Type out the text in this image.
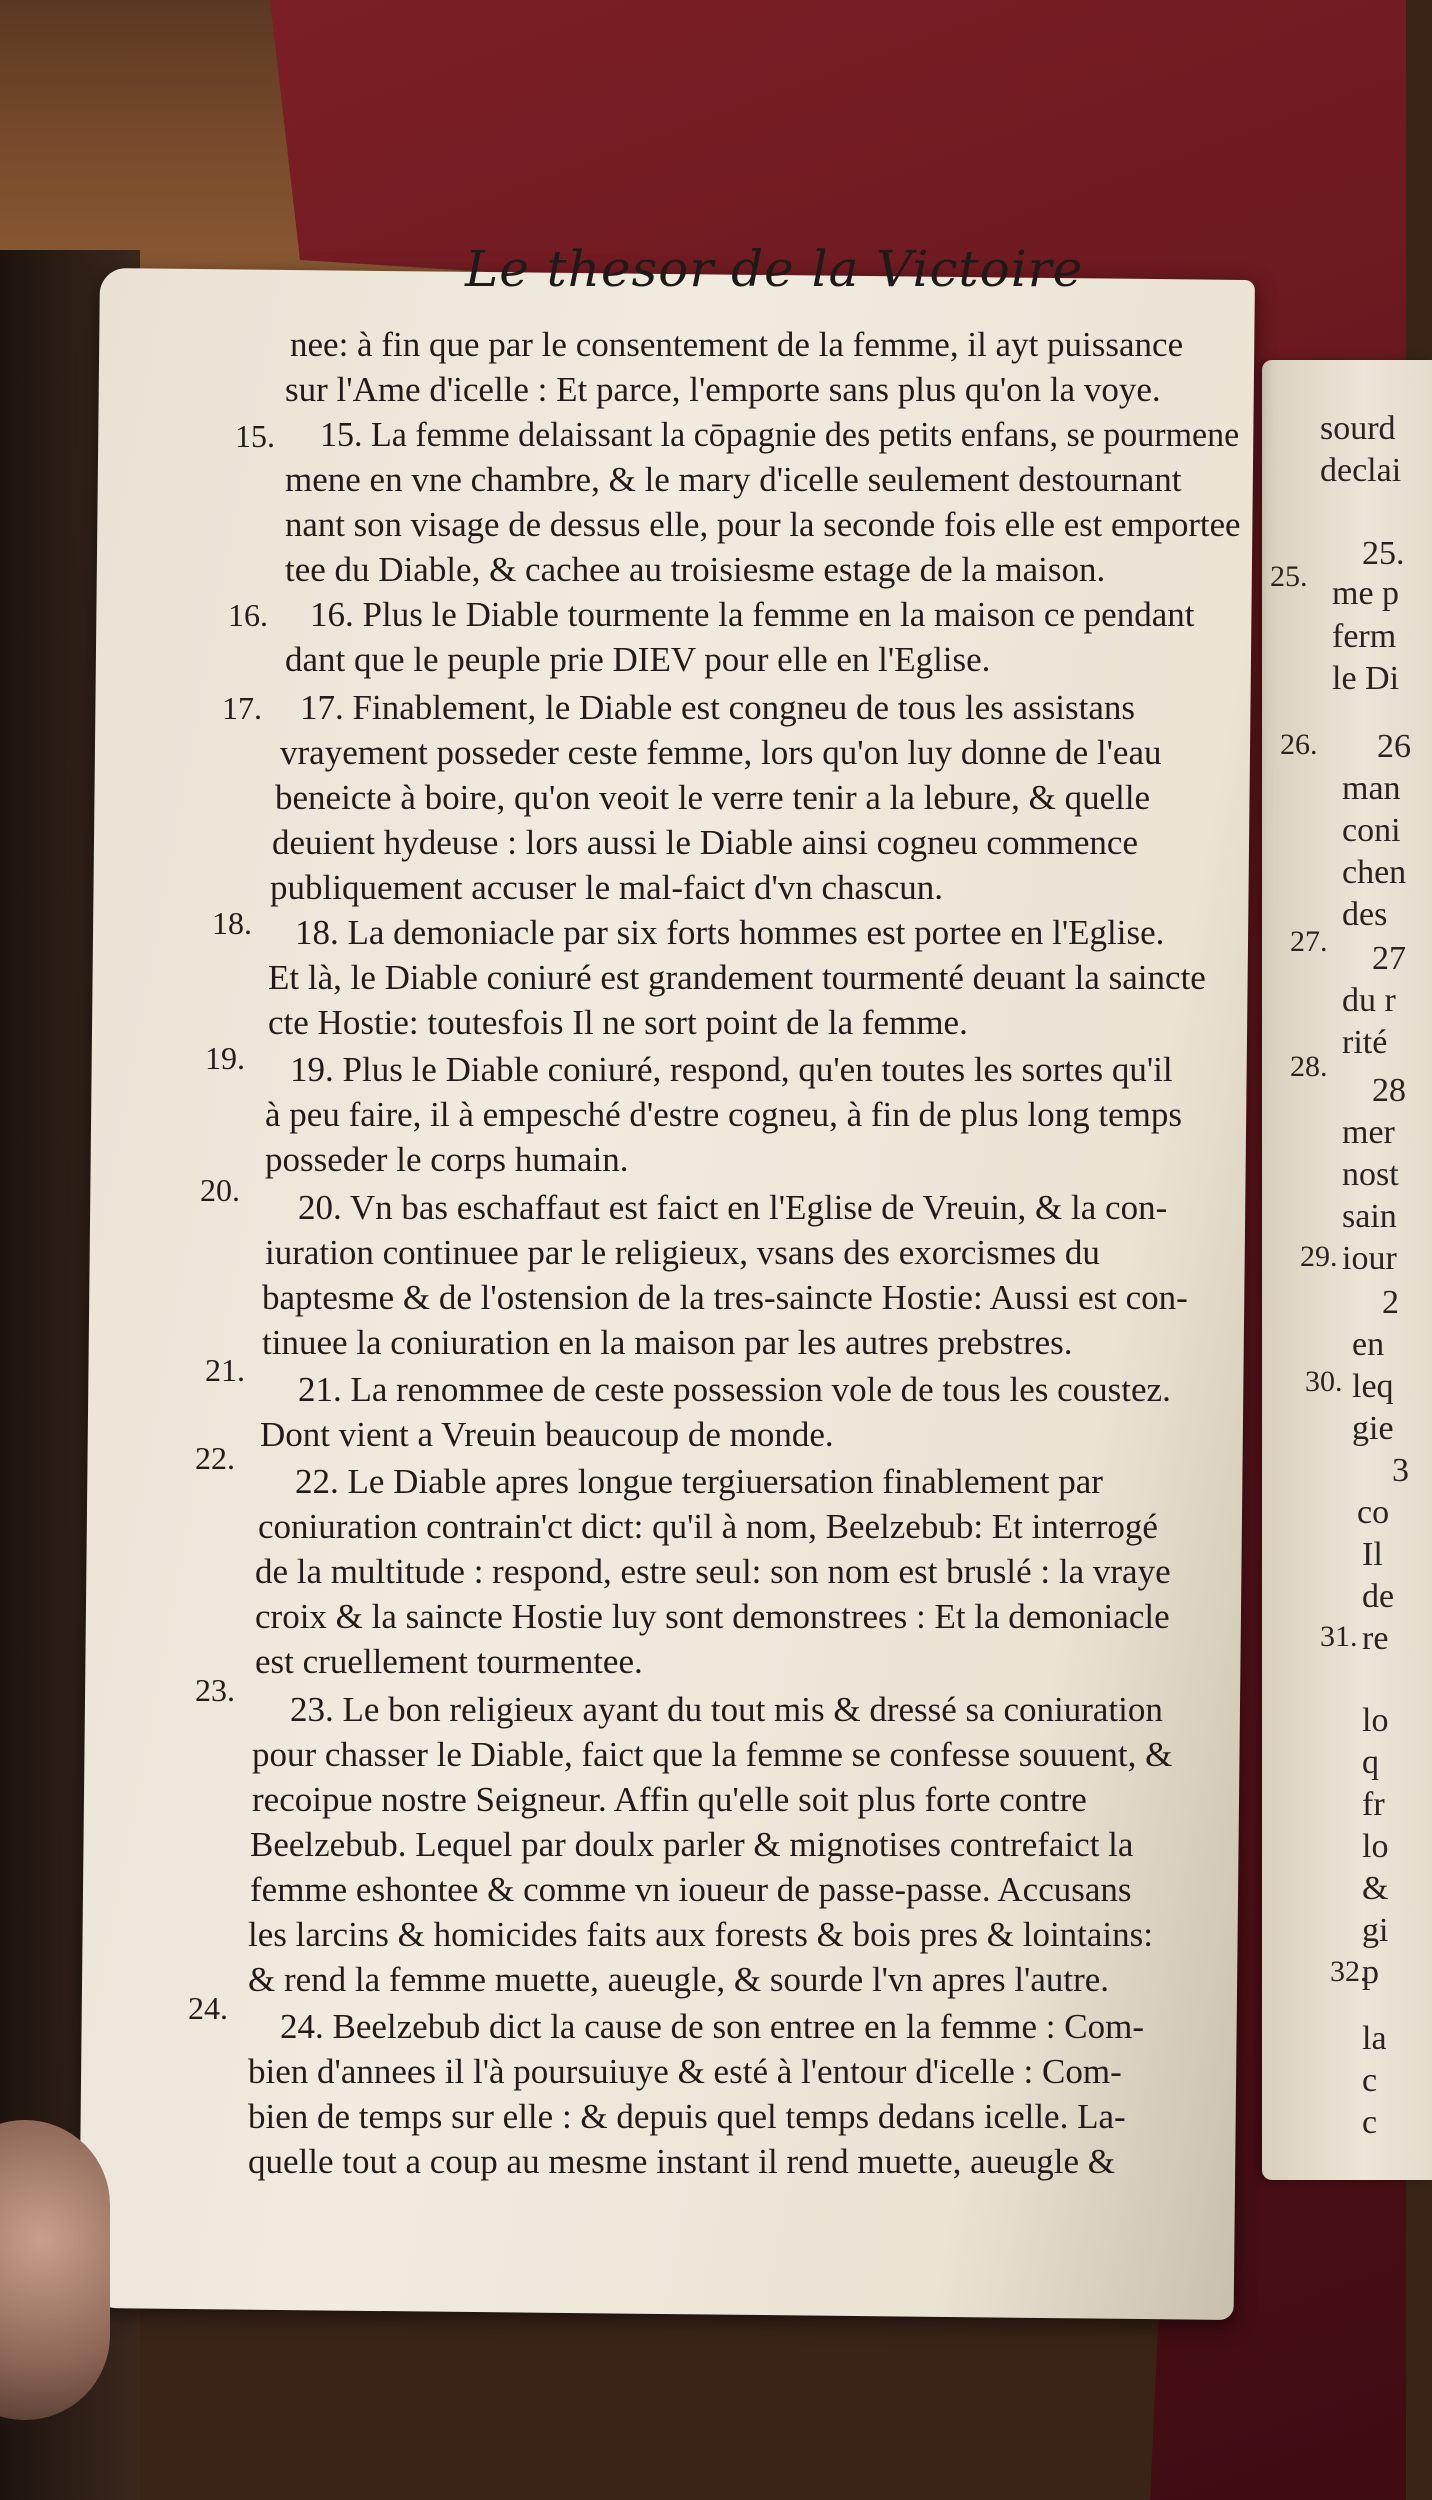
sourd
declai
25.
me p
ferm
le Di
26
man
coni
chen
des
27
du r
rité
28
mer
nost
sain
iour
2
en
leq
gie
3
co
Il
de
re
lo
q
fr
lo
&
gi
p
la
c
c
25.
26.
27.
28.
29.
30.
31.
32.
Le thesor de la Victoire
nee: à fin que par le consentement de la femme, il ayt puissance
sur l'Ame d'icelle : Et parce, l'emporte sans plus qu'on la voye.
15. La femme delaissant la cōpagnie des petits enfans, se pourmene
mene en vne chambre, & le mary d'icelle seulement destournant
nant son visage de dessus elle, pour la seconde fois elle est emportee
tee du Diable, & cachee au troisiesme estage de la maison.
16. Plus le Diable tourmente la femme en la maison ce pendant
dant que le peuple prie DIEV pour elle en l'Eglise.
17. Finablement, le Diable est congneu de tous les assistans
vrayement posseder ceste femme, lors qu'on luy donne de l'eau
beneicte à boire, qu'on veoit le verre tenir a la lebure, & quelle
deuient hydeuse : lors aussi le Diable ainsi cogneu commence
publiquement accuser le mal-faict d'vn chascun.
18. La demoniacle par six forts hommes est portee en l'Eglise.
Et là, le Diable coniuré est grandement tourmenté deuant la saincte
cte Hostie: toutesfois Il ne sort point de la femme.
19. Plus le Diable coniuré, respond, qu'en toutes les sortes qu'il
à peu faire, il à empesché d'estre cogneu, à fin de plus long temps
posseder le corps humain.
20. Vn bas eschaffaut est faict en l'Eglise de Vreuin, & la con-
iuration continuee par le religieux, vsans des exorcismes du
baptesme & de l'ostension de la tres-saincte Hostie: Aussi est con-
tinuee la coniuration en la maison par les autres prebstres.
21. La renommee de ceste possession vole de tous les coustez.
Dont vient a Vreuin beaucoup de monde.
22. Le Diable apres longue tergiuersation finablement par
coniuration contrain'ct dict: qu'il à nom, Beelzebub: Et interrogé
de la multitude : respond, estre seul: son nom est bruslé : la vraye
croix & la saincte Hostie luy sont demonstrees : Et la demoniacle
est cruellement tourmentee.
23. Le bon religieux ayant du tout mis & dressé sa coniuration
pour chasser le Diable, faict que la femme se confesse souuent, &
recoipue nostre Seigneur. Affin qu'elle soit plus forte contre
Beelzebub. Lequel par doulx parler & mignotises contrefaict la
femme eshontee & comme vn ioueur de passe-passe. Accusans
les larcins & homicides faits aux forests & bois pres & lointains:
& rend la femme muette, aueugle, & sourde l'vn apres l'autre.
24. Beelzebub dict la cause de son entree en la femme : Com-
bien d'annees il l'à poursuiuye & esté à l'entour d'icelle : Com-
bien de temps sur elle : & depuis quel temps dedans icelle. La-
quelle tout a coup au mesme instant il rend muette, aueugle &
15.
16.
17.
18.
19.
20.
21.
22.
23.
24.
